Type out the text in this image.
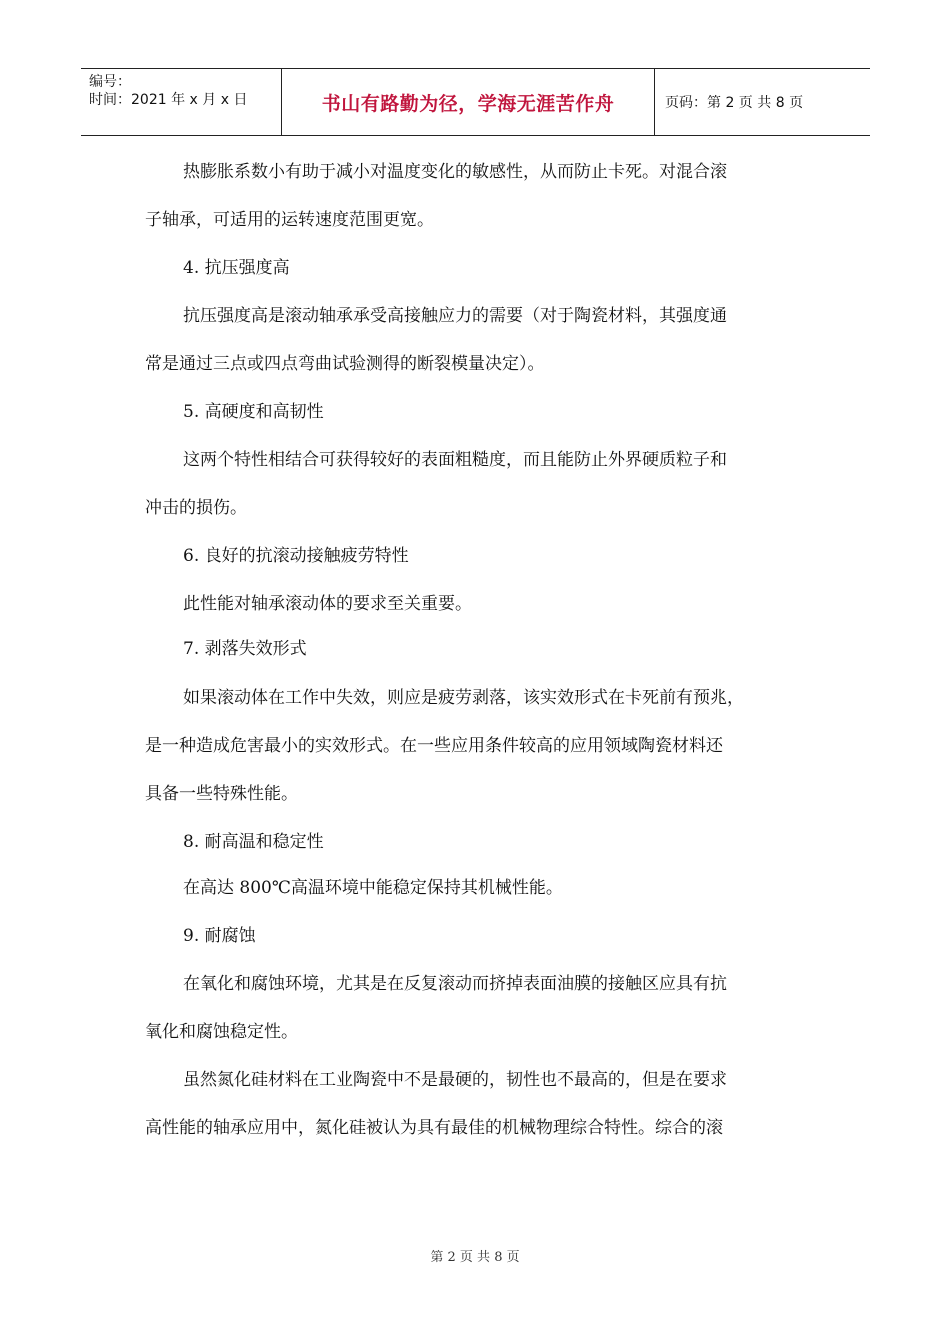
编号：
时间：2021 年 x 月 x 日	书山有路勤为径，学海无涯苦作舟	页码：第 2 页 共 8 页
热膨胀系数小有助于减小对温度变化的敏感性，从而防止卡死。对混合滚
子轴承，可适用的运转速度范围更宽。
4. 抗压强度高
抗压强度高是滚动轴承承受高接触应力的需要（对于陶瓷材料，其强度通
常是通过三点或四点弯曲试验测得的断裂模量决定）。
5. 高硬度和高韧性
这两个特性相结合可获得较好的表面粗糙度，而且能防止外界硬质粒子和
冲击的损伤。
6. 良好的抗滚动接触疲劳特性
此性能对轴承滚动体的要求至关重要。
7. 剥落失效形式
如果滚动体在工作中失效，则应是疲劳剥落，该实效形式在卡死前有预兆，
是一种造成危害最小的实效形式。在一些应用条件较高的应用领域陶瓷材料还
具备一些特殊性能。
8. 耐高温和稳定性
在高达 800℃高温环境中能稳定保持其机械性能。
9. 耐腐蚀
在氧化和腐蚀环境，尤其是在反复滚动而挤掉表面油膜的接触区应具有抗
氧化和腐蚀稳定性。
虽然氮化硅材料在工业陶瓷中不是最硬的，韧性也不最高的，但是在要求
高性能的轴承应用中，氮化硅被认为具有最佳的机械物理综合特性。综合的滚
第 2 页 共 8 页
